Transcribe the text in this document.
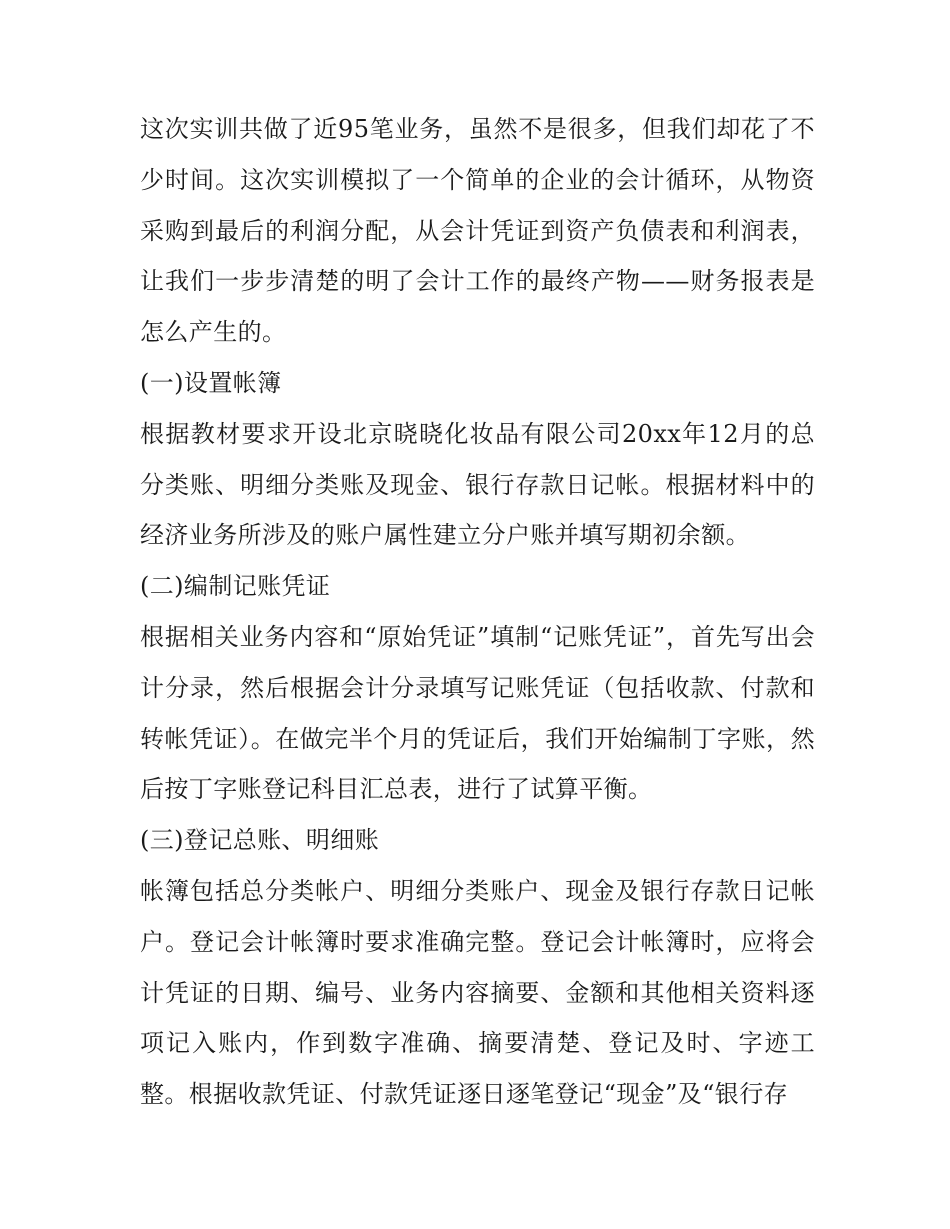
这次实训共做了近95笔业务，虽然不是很多，但我们却花了不少时间。这次实训模拟了一个简单的企业的会计循环，从物资采购到最后的利润分配，从会计凭证到资产负债表和利润表，让我们一步步清楚的明了会计工作的最终产物——财务报表是怎么产生的。

(一)设置帐簿

根据教材要求开设北京晓晓化妆品有限公司20xx年12月的总分类账、明细分类账及现金、银行存款日记帐。根据材料中的经济业务所涉及的账户属性建立分户账并填写期初余额。

(二)编制记账凭证

根据相关业务内容和“原始凭证”填制“记账凭证”，首先写出会计分录，然后根据会计分录填写记账凭证（包括收款、付款和转帐凭证）。在做完半个月的凭证后，我们开始编制丁字账，然后按丁字账登记科目汇总表，进行了试算平衡。

(三)登记总账、明细账

帐簿包括总分类帐户、明细分类账户、现金及银行存款日记帐户。登记会计帐簿时要求准确完整。登记会计帐簿时，应将会计凭证的日期、编号、业务内容摘要、金额和其他相关资料逐项记入账内，作到数字准确、摘要清楚、登记及时、字迹工整。根据收款凭证、付款凭证逐日逐笔登记“现金”及“银行存
